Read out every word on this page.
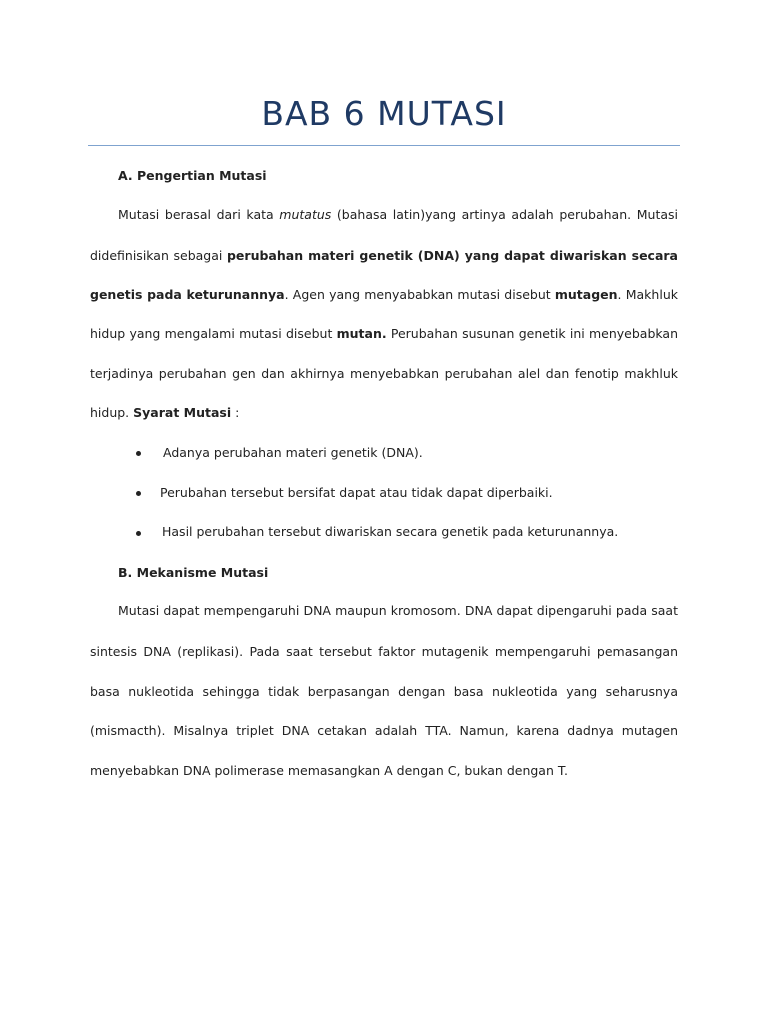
BAB 6 MUTASI

A. Pengertian Mutasi

Mutasi berasal dari kata mutatus (bahasa latin)yang artinya adalah perubahan. Mutasi

didefinisikan sebagai perubahan materi genetik (DNA) yang dapat diwariskan secara

genetis pada keturunannya. Agen yang menyababkan mutasi disebut mutagen. Makhluk

hidup yang mengalami mutasi disebut mutan. Perubahan susunan genetik ini menyebabkan

terjadinya perubahan gen dan akhirnya menyebabkan perubahan alel dan fenotip makhluk

hidup. Syarat Mutasi :

Adanya perubahan materi genetik (DNA).

Perubahan tersebut bersifat dapat atau tidak dapat diperbaiki.

Hasil perubahan tersebut diwariskan secara genetik pada keturunannya.

B. Mekanisme Mutasi

Mutasi dapat mempengaruhi DNA maupun kromosom. DNA dapat dipengaruhi pada saat

sintesis DNA (replikasi). Pada saat tersebut faktor mutagenik mempengaruhi pemasangan

basa nukleotida sehingga tidak berpasangan dengan basa nukleotida yang seharusnya

(mismacth). Misalnya triplet DNA cetakan adalah TTA. Namun, karena dadnya mutagen

menyebabkan DNA polimerase memasangkan A dengan C, bukan dengan T.
